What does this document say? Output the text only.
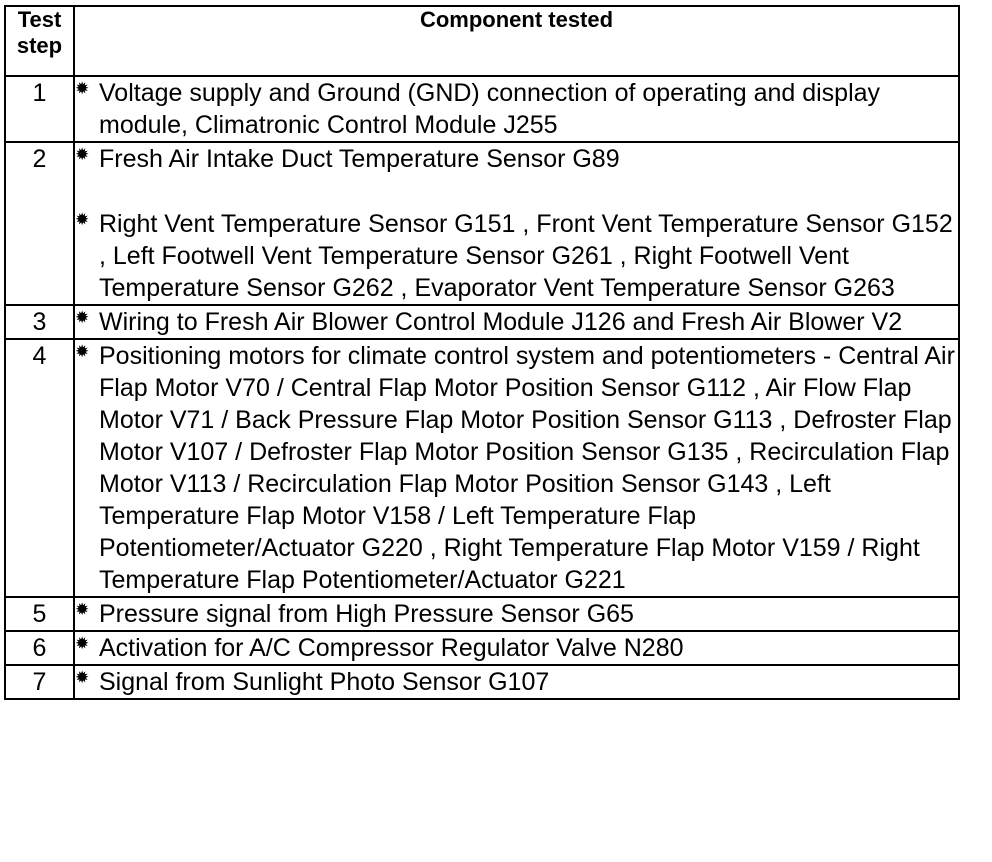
Test step	Component tested
1	✹ Voltage supply and Ground (GND) connection of operating and display module, Climatronic Control Module J255

2	✹ Fresh Air Intake Duct Temperature Sensor G89
✹ Right Vent Temperature Sensor G151 , Front Vent Temperature Sensor G152 , Left Footwell Vent Temperature Sensor G261 , Right Footwell Vent Temperature Sensor G262 , Evaporator Vent Temperature Sensor G263

3	✹ Wiring to Fresh Air Blower Control Module J126 and Fresh Air Blower V2

4	✹ Positioning motors for climate control system and potentiometers - Central Air Flap Motor V70 / Central Flap Motor Position Sensor G112 , Air Flow Flap Motor V71 / Back Pressure Flap Motor Position Sensor G113 , Defroster Flap Motor V107 / Defroster Flap Motor Position Sensor G135 , Recirculation Flap Motor V113 / Recirculation Flap Motor Position Sensor G143 , Left Temperature Flap Motor V158 / Left Temperature Flap Potentiometer/Actuator G220 , Right Temperature Flap Motor V159 / Right Temperature Flap Potentiometer/Actuator G221

5	✹ Pressure signal from High Pressure Sensor G65

6	✹ Activation for A/C Compressor Regulator Valve N280

7	✹ Signal from Sunlight Photo Sensor G107
